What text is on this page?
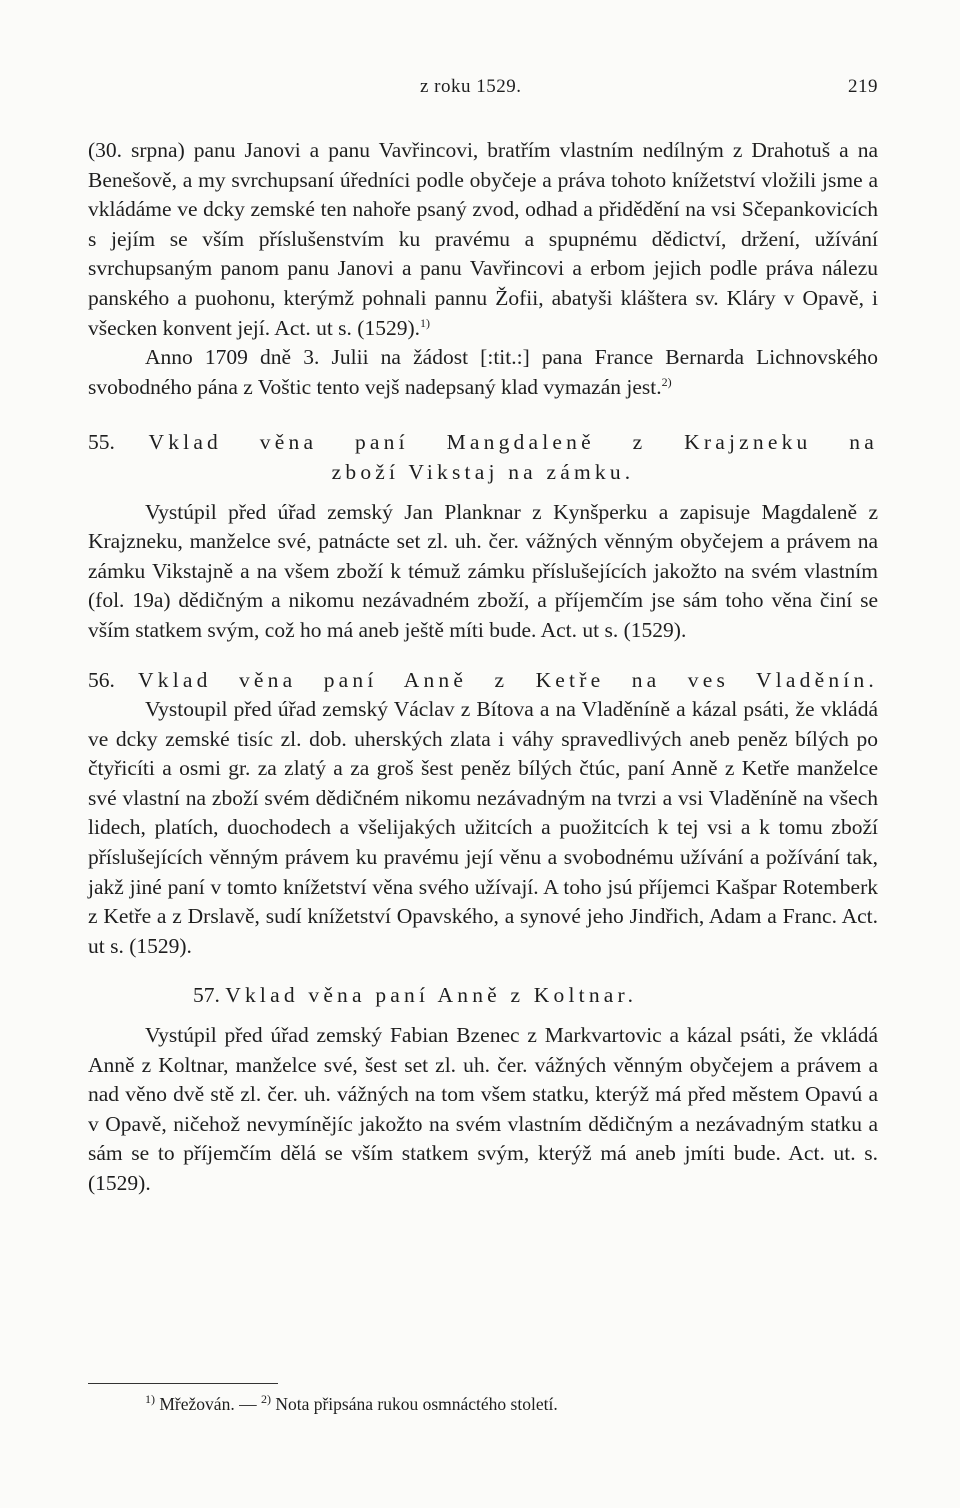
z roku 1529.	219

(30. srpna) panu Janovi a panu Vavřincovi, bratřím vlastním nedílným z Drahotuš a na Benešově, a my svrchupsaní úředníci podle obyčeje a práva tohoto knížetství vložili jsme a vkládáme ve dcky zemské ten nahoře psaný zvod, odhad a přidědění na vsi Sčepankovicích s jejím se vším příslušenstvím ku pravému a spupnému dědictví, držení, užívání svrchupsaným panom panu Janovi a panu Vavřincovi a erbom jejich podle práva nálezu panského a puohonu, kterýmž pohnali pannu Žofii, abatyši kláštera sv. Kláry v Opavě, i všecken konvent její. Act. ut s. (1529).$^{1)}$

Anno 1709 dně 3. Julii na žádost [:tit.:] pana France Bernarda Lichnovského svobodného pána z Voštic tento vejš nadepsaný klad vymazán jest.$^{2)}$

55. Vklad věna paní Mangdaleně z Krajzneku na

zboží Vikstaj na zámku.

Vystúpil před úřad zemský Jan Planknar z Kynšperku a zapisuje Magdaleně z Krajzneku, manželce své, patnácte set zl. uh. čer. vážných věnným obyčejem a právem na zámku Vikstajně a na všem zboží k témuž zámku příslušejících jakožto na svém vlastním (fol. 19a) dědičným a nikomu nezávadném zboží, a příjemčím jse sám toho věna činí se vším statkem svým, což ho má aneb ještě míti bude. Act. ut s. (1529).

56. Vklad věna paní Anně z Ketře na ves Vladěnín.

Vystoupil před úřad zemský Václav z Bítova a na Vladěníně a kázal psáti, že vkládá ve dcky zemské tisíc zl. dob. uherských zlata i váhy spravedlivých aneb peněz bílých po čtyřicíti a osmi gr. za zlatý a za groš šest peněz bílých čtúc, paní Anně z Ketře manželce své vlastní na zboží svém dědičném nikomu nezávadným na tvrzi a vsi Vladěníně na všech lidech, platích, duochodech a všelijakých užitcích a puožitcích k tej vsi a k tomu zboží příslušejících věnným právem ku pravému její věnu a svobodnému užívání a požívání tak, jakž jiné paní v tomto knížetství věna svého užívají. A toho jsú příjemci Kašpar Rotemberk z Ketře a z Drslavě, sudí knížetství Opavského, a synové jeho Jindřich, Adam a Franc. Act. ut s. (1529).

57. Vklad věna paní Anně z Koltnar.

Vystúpil před úřad zemský Fabian Bzenec z Markvartovic a kázal psáti, že vkládá Anně z Koltnar, manželce své, šest set zl. uh. čer. vážných věnným obyčejem a právem a nad věno dvě stě zl. čer. uh. vážných na tom všem statku, kterýž má před městem Opavú a v Opavě, ničehož nevymínějíc jakožto na svém vlastním dědičným a nezávadným statku a sám se to příjemčím dělá se vším statkem svým, kterýž má aneb jmíti bude. Act. ut. s. (1529).

$^{1)}$ Mřežován. — $^{2)}$ Nota připsána rukou osmnáctého století.
